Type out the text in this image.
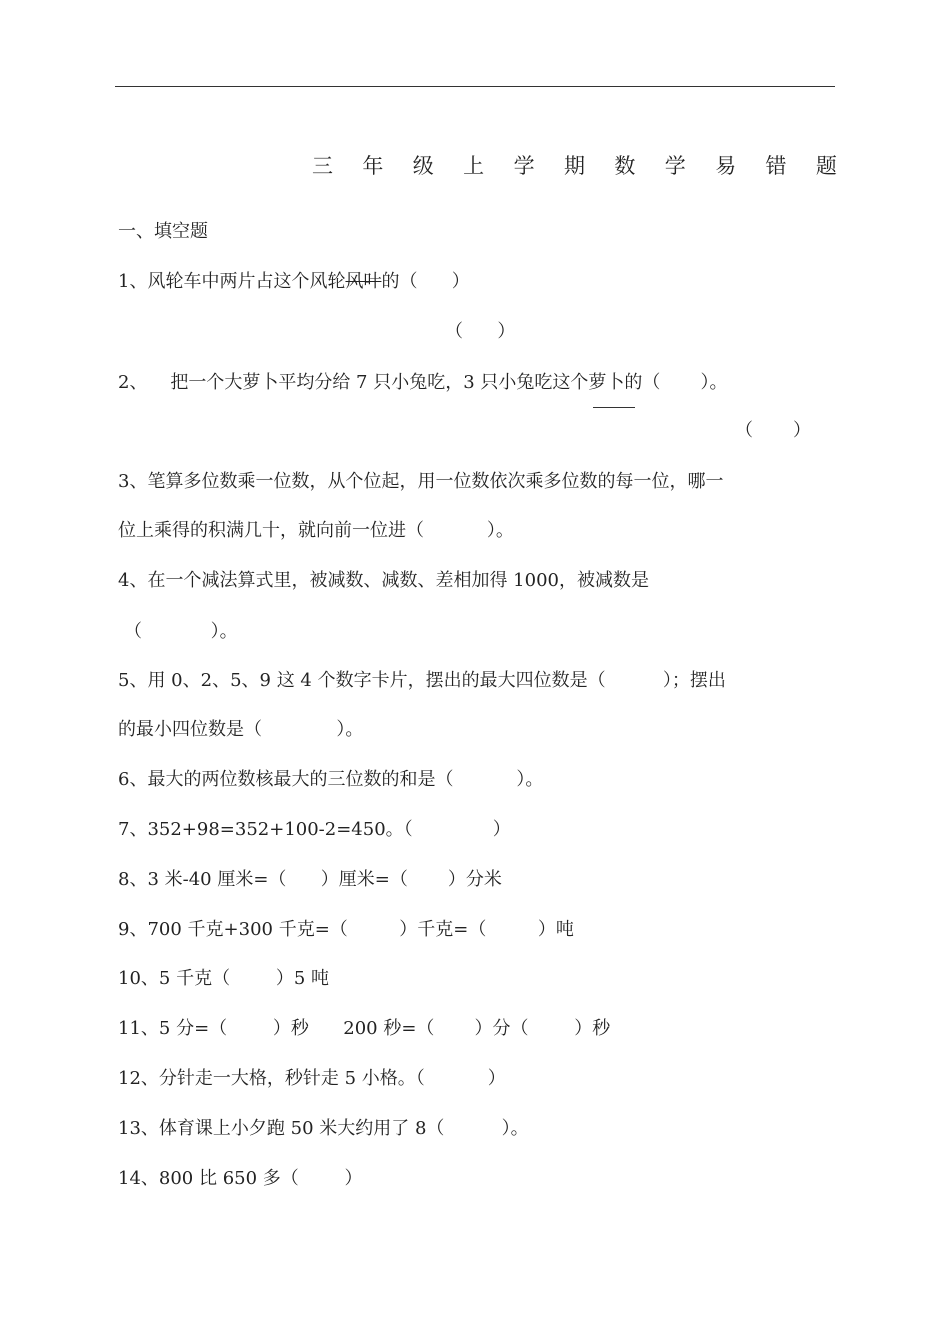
三 年 级 上 学 期 数 学 易 错 题
一、填空题
1、风轮车中两片占这个风轮风叶的（      ）
（      ）
2、    把一个大萝卜平均分给 7 只小兔吃，3 只小兔吃这个萝卜的（       ）。
（       ）
3、笔算多位数乘一位数，从个位起，用一位数依次乘多位数的每一位，哪一
位上乘得的积满几十，就向前一位进（           ）。
4、在一个减法算式里，被减数、减数、差相加得 1000，被减数是
（            ）。
5、用 0、2、5、9 这 4 个数字卡片，摆出的最大四位数是（          ）；摆出
的最小四位数是（             ）。
6、最大的两位数核最大的三位数的和是（           ）。
7、352+98=352+100-2=450。（              ）
8、3 米-40 厘米=（      ）厘米=（       ）分米
9、700 千克+300 千克=（         ）千克=（         ）吨
10、5 千克（        ）5 吨
11、5 分=（        ）秒      200 秒=（       ）分（        ）秒
12、分针走一大格，秒针走 5 小格。（           ）
13、体育课上小夕跑 50 米大约用了 8（          ）。
14、800 比 650 多（        ）
